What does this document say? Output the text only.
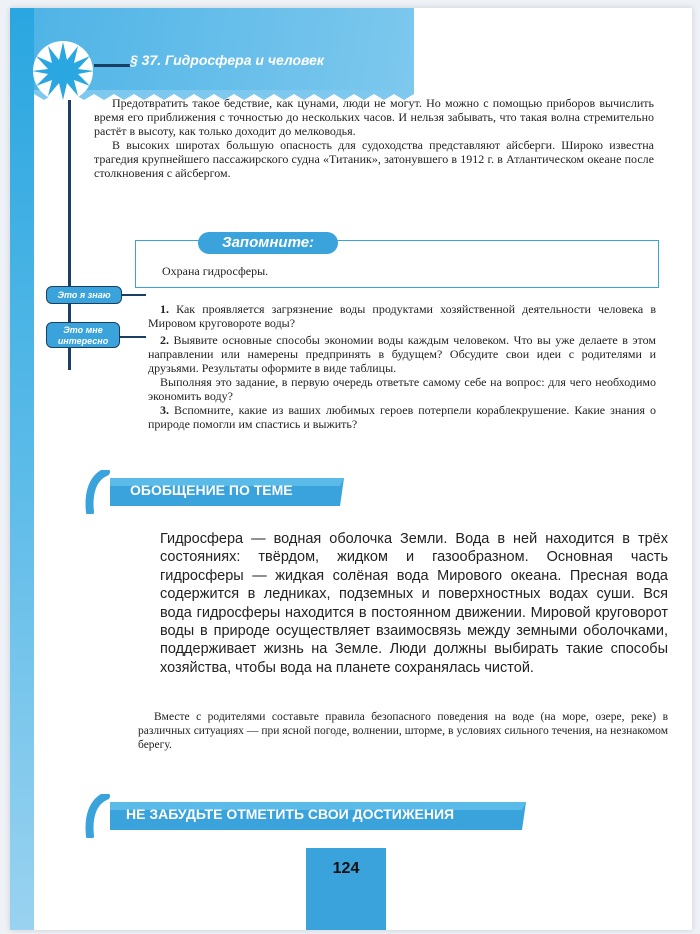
§ 37. Гидросфера и человек

Предотвратить такое бедствие, как цунами, люди не могут. Но можно с помощью приборов вычислить время его приближения с точностью до нескольких часов. И нельзя забывать, что такая волна стремительно растёт в высоту, как только доходит до мелководья.

В высоких широтах большую опасность для судоходства представляют айсберги. Широко известна трагедия крупнейшего пассажирского судна «Титаник», затонувшего в 1912 г. в Атлантическом океане после столкновения с айсбергом.

Запомните:
Охрана гидросферы.
Это я знаю
Это мне
интересно

1. Как проявляется загрязнение воды продуктами хозяйственной деятельности человека в Мировом круговороте воды?

2. Выявите основные способы экономии воды каждым человеком. Что вы уже делаете в этом направлении или намерены предпринять в будущем? Обсудите свои идеи с родителями и друзьями. Результаты оформите в виде таблицы.

Выполняя это задание, в первую очередь ответьте самому себе на вопрос: для чего необходимо экономить воду?

3. Вспомните, какие из ваших любимых героев потерпели кораблекрушение. Какие знания о природе помогли им спастись и выжить?

ОБОБЩЕНИЕ ПО ТЕМЕ

Гидросфера — водная оболочка Земли. Вода в ней находится в трёх состояниях: твёрдом, жидком и газообразном. Основная часть гидросферы — жидкая солёная вода Мирового океана. Пресная вода содержится в ледниках, подземных и поверхностных водах суши. Вся вода гидросферы находится в постоянном движении. Мировой круговорот воды в природе осуществляет взаимосвязь между земными оболочками, поддерживает жизнь на Земле. Люди должны выбирать такие способы хозяйства, чтобы вода на планете сохранялась чистой.

Вместе с родителями составьте правила безопасного поведения на воде (на море, озере, реке) в различных ситуациях — при ясной погоде, волнении, шторме, в условиях сильного течения, на незнакомом берегу.

НЕ ЗАБУДЬТЕ ОТМЕТИТЬ СВОИ ДОСТИЖЕНИЯ
124
